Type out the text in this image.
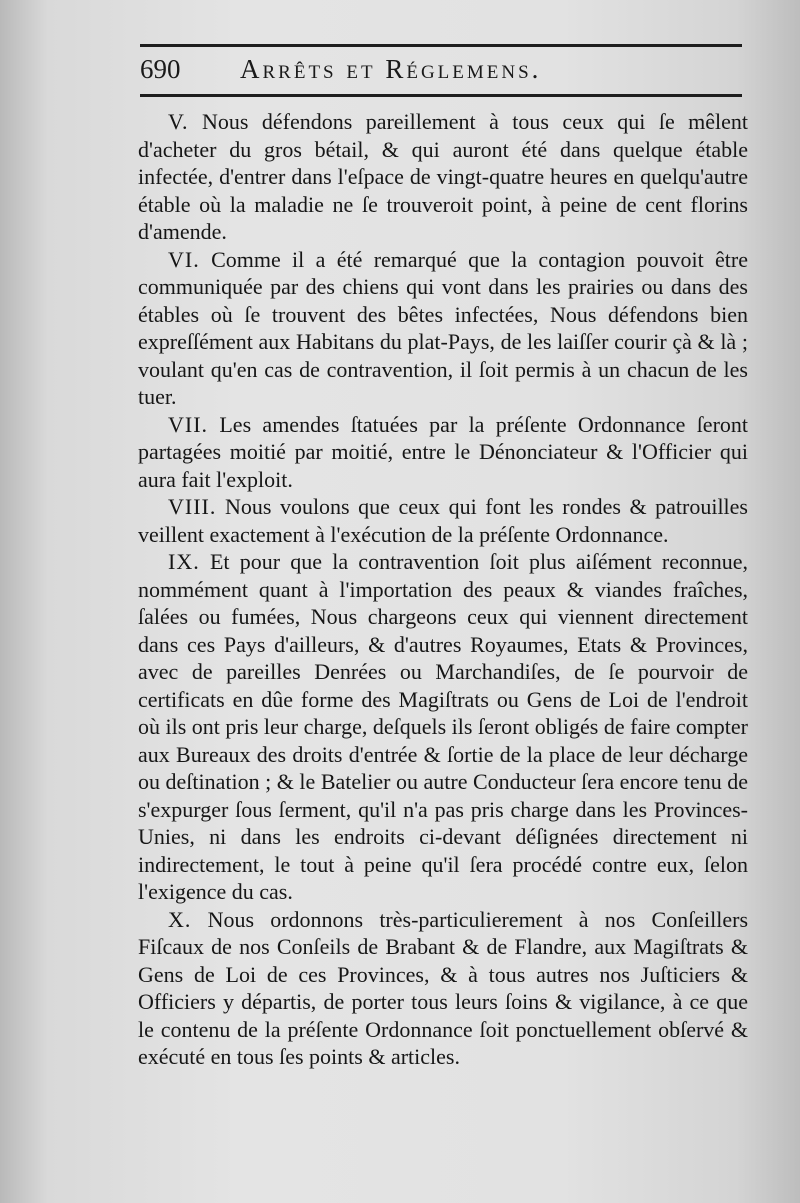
690 Arrêts et Réglemens.

V. Nous défendons pareillement à tous ceux qui ſe mêlent d'acheter du gros bétail, & qui auront été dans quelque étable infectée, d'entrer dans l'eſpace de vingt-quatre heures en quelqu'autre étable où la maladie ne ſe trouveroit point, à peine de cent florins d'amende.

VI. Comme il a été remarqué que la contagion pouvoit être communiquée par des chiens qui vont dans les prairies ou dans des étables où ſe trouvent des bêtes infectées, Nous défendons bien expreſſément aux Habitans du plat-Pays, de les laiſſer courir çà & là ; voulant qu'en cas de contravention, il ſoit permis à un chacun de les tuer.

VII. Les amendes ſtatuées par la préſente Ordonnance ſeront partagées moitié par moitié, entre le Dénonciateur & l'Officier qui aura fait l'exploit.

VIII. Nous voulons que ceux qui font les rondes & patrouilles veillent exactement à l'exécution de la préſente Ordonnance.

IX. Et pour que la contravention ſoit plus aiſément reconnue, nommément quant à l'importation des peaux & viandes fraîches, ſalées ou fumées, Nous chargeons ceux qui viennent directement dans ces Pays d'ailleurs, & d'autres Royaumes, Etats & Provinces, avec de pareilles Denrées ou Marchandiſes, de ſe pourvoir de certificats en dûe forme des Magiſtrats ou Gens de Loi de l'endroit où ils ont pris leur charge, deſquels ils ſeront obligés de faire compter aux Bureaux des droits d'entrée & ſortie de la place de leur décharge ou deſtination ; & le Batelier ou autre Conducteur ſera encore tenu de s'expurger ſous ſerment, qu'il n'a pas pris charge dans les Provinces-Unies, ni dans les endroits ci-devant déſignées directement ni indirectement, le tout à peine qu'il ſera procédé contre eux, ſelon l'exigence du cas.

X. Nous ordonnons très-particulierement à nos Conſeillers Fiſcaux de nos Conſeils de Brabant & de Flandre, aux Magiſtrats & Gens de Loi de ces Provinces, & à tous autres nos Juſticiers & Officiers y départis, de porter tous leurs ſoins & vigilance, à ce que le contenu de la préſente Ordonnance ſoit ponctuellement obſervé & exécuté en tous ſes points & articles.
